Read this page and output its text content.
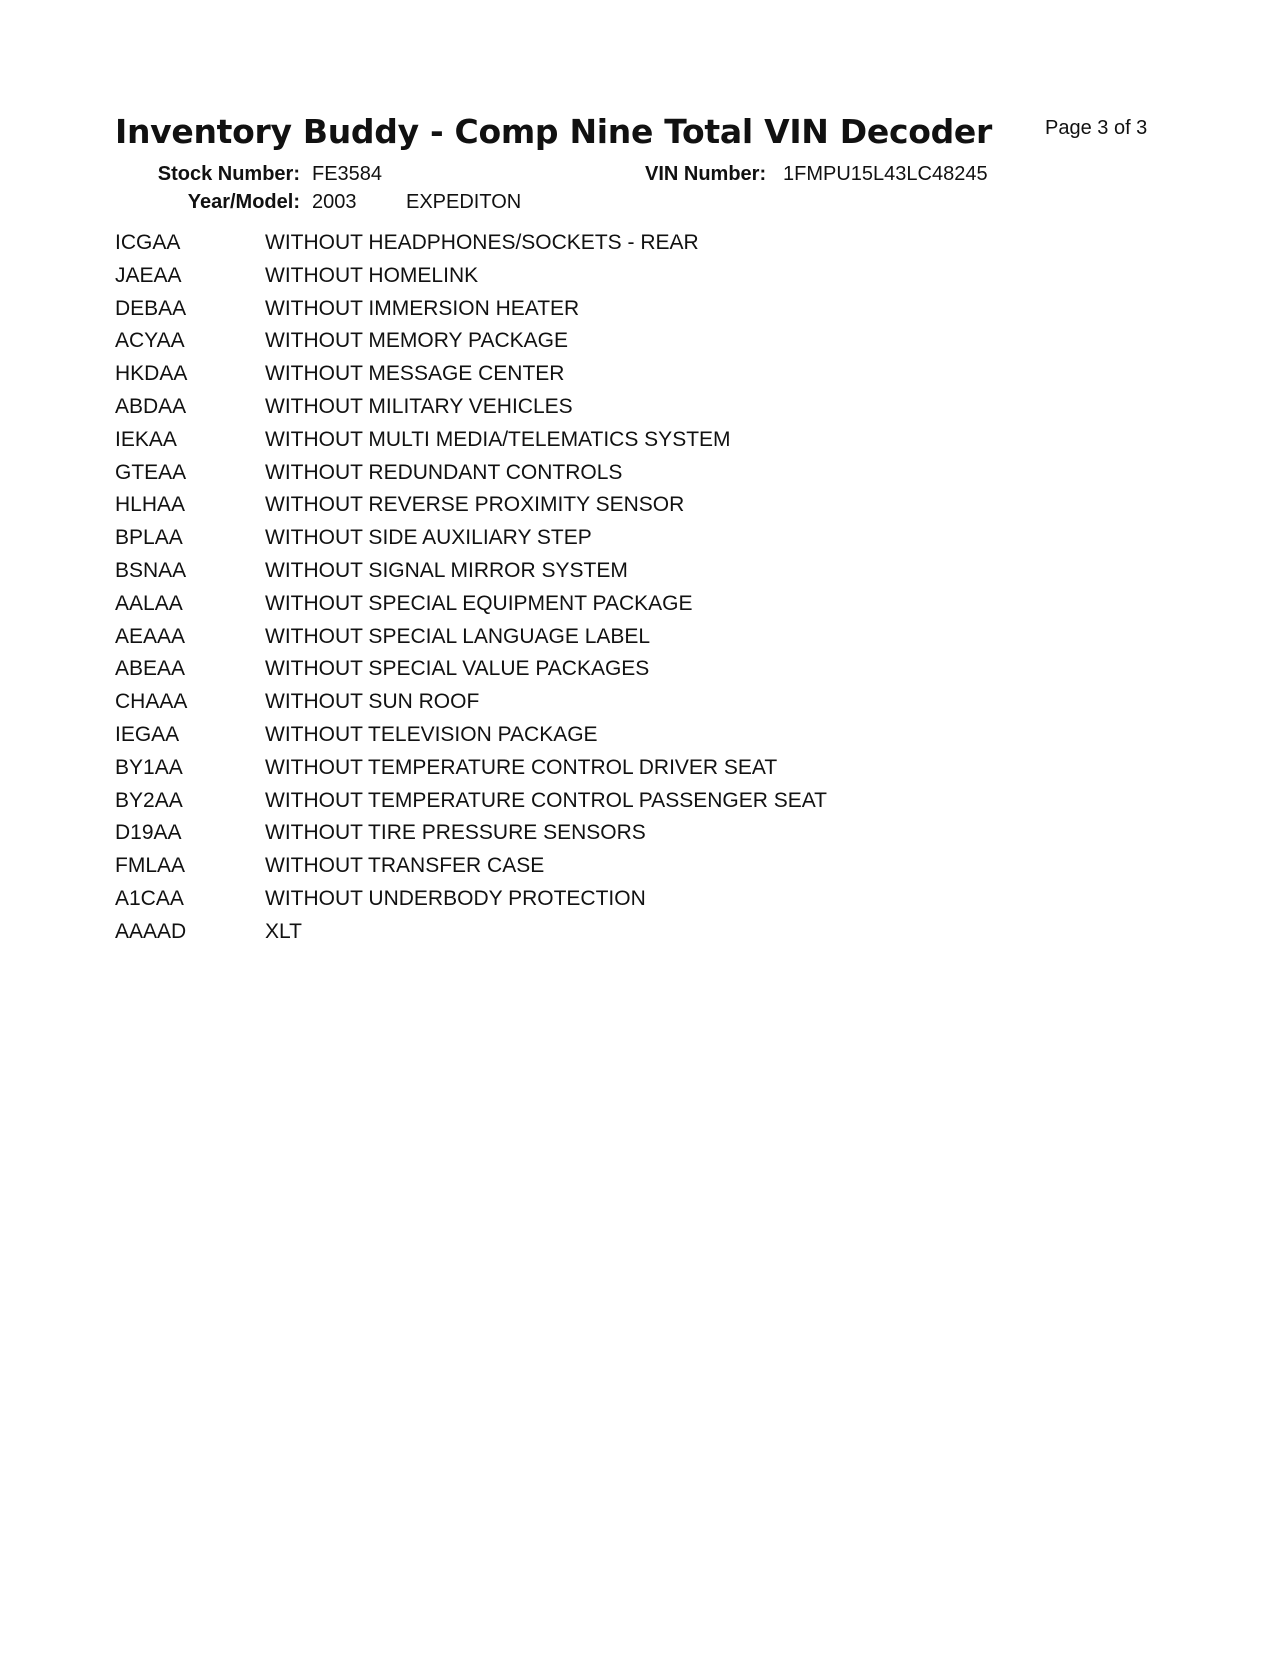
Inventory Buddy - Comp Nine Total VIN Decoder	Page 3 of 3
Stock Number: FE3584	VIN Number: 1FMPU15L43LC48245
Year/Model: 2003 EXPEDITON
ICGAA	WITHOUT HEADPHONES/SOCKETS - REAR
JAEAA	WITHOUT HOMELINK
DEBAA	WITHOUT IMMERSION HEATER
ACYAA	WITHOUT MEMORY PACKAGE
HKDAA	WITHOUT MESSAGE CENTER
ABDAA	WITHOUT MILITARY VEHICLES
IEKAA	WITHOUT MULTI MEDIA/TELEMATICS SYSTEM
GTEAA	WITHOUT REDUNDANT CONTROLS
HLHAA	WITHOUT REVERSE PROXIMITY SENSOR
BPLAA	WITHOUT SIDE AUXILIARY STEP
BSNAA	WITHOUT SIGNAL MIRROR SYSTEM
AALAA	WITHOUT SPECIAL EQUIPMENT PACKAGE
AEAAA	WITHOUT SPECIAL LANGUAGE LABEL
ABEAA	WITHOUT SPECIAL VALUE PACKAGES
CHAAA	WITHOUT SUN ROOF
IEGAA	WITHOUT TELEVISION PACKAGE
BY1AA	WITHOUT TEMPERATURE CONTROL DRIVER SEAT
BY2AA	WITHOUT TEMPERATURE CONTROL PASSENGER SEAT
D19AA	WITHOUT TIRE PRESSURE SENSORS
FMLAA	WITHOUT TRANSFER CASE
A1CAA	WITHOUT UNDERBODY PROTECTION
AAAAD	XLT
